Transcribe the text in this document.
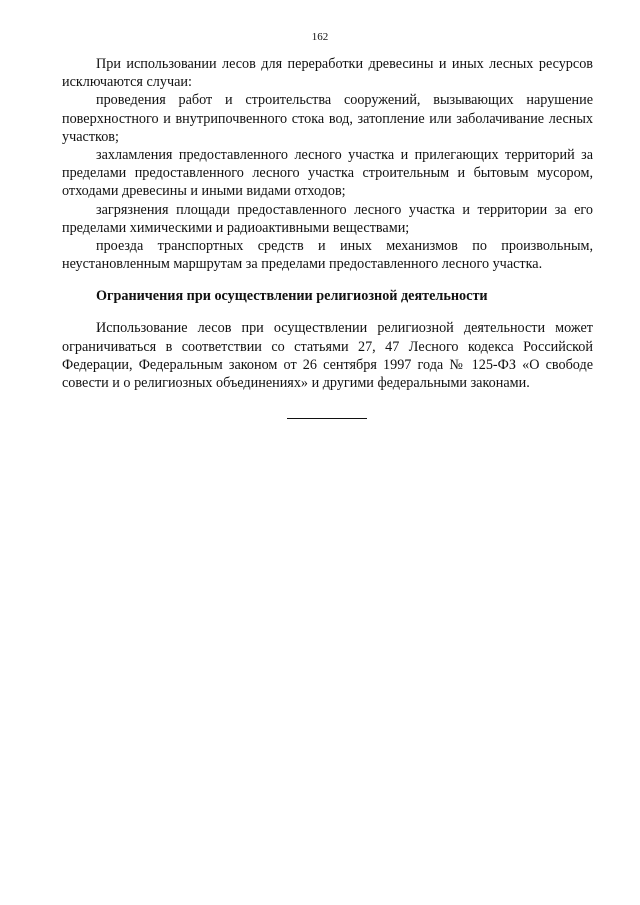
162

При использовании лесов для переработки древесины и иных лесных ресурсов исключаются случаи:

проведения работ и строительства сооружений, вызывающих нарушение поверхностного и внутрипочвенного стока вод, затопление или заболачивание лесных участков;

захламления предоставленного лесного участка и прилегающих территорий за пределами предоставленного лесного участка строительным и бытовым мусором, отходами древесины и иными видами отходов;

загрязнения площади предоставленного лесного участка и территории за его пределами химическими и радиоактивными веществами;

проезда транспортных средств и иных механизмов по произвольным, неустановленным маршрутам за пределами предоставленного лесного участка.

Ограничения при осуществлении религиозной деятельности

Использование лесов при осуществлении религиозной деятельности может ограничиваться в соответствии со статьями 27, 47 Лесного кодекса Российской Федерации, Федеральным законом от 26 сентября 1997 года № 125-ФЗ «О свободе совести и о религиозных объединениях» и другими федеральными законами.
